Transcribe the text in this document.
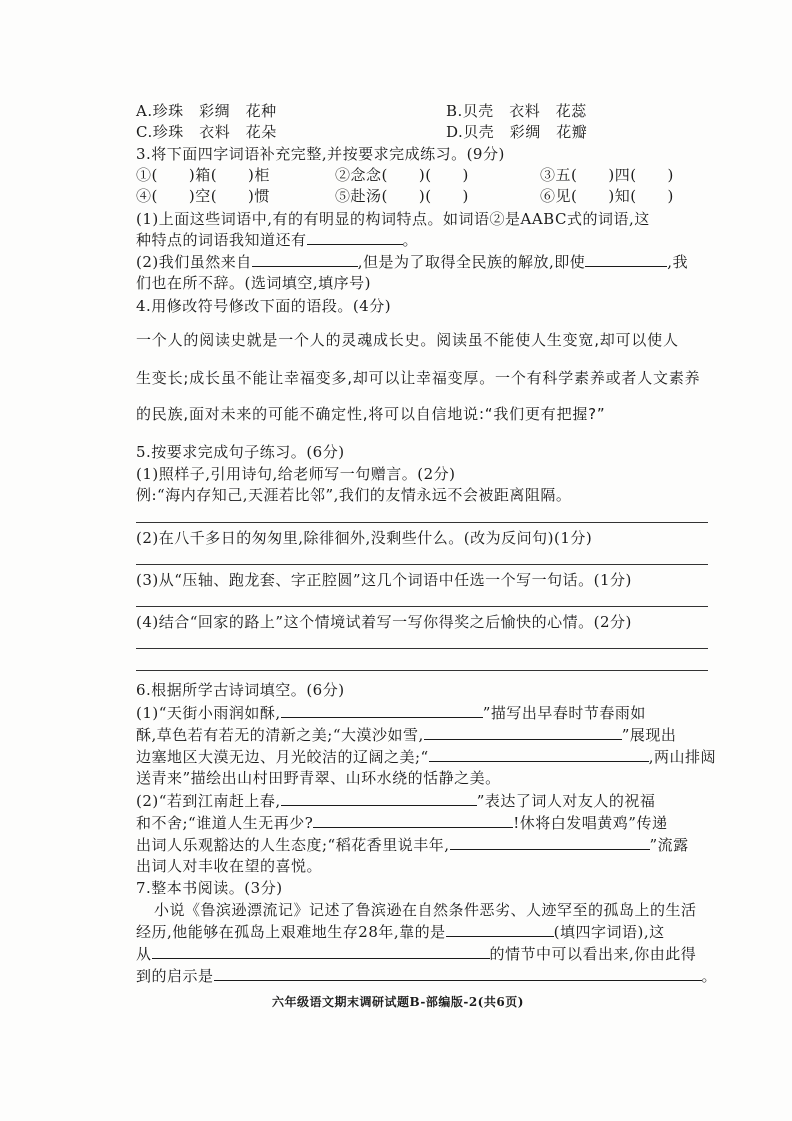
A.珍珠　彩绸　花种	B.贝壳　衣料　花蕊
C.珍珠　衣料　花朵	D.贝壳　彩绸　花瓣
3.将下面四字词语补充完整,并按要求完成练习。(9分)
①(　　)箱(　　)柜	②念念(　　)(　　)	③五(　　)四(　　)
④(　　)空(　　)惯	⑤赴汤(　　)(　　)	⑥见(　　)知(　　)
(1)上面这些词语中,有的有明显的构词特点。如词语②是AABC式的词语,这
种特点的词语我知道还有	。
(2)我们虽然来自	,但是为了取得全民族的解放,即使	,我
们也在所不辞。(选词填空,填序号)
4.用修改符号修改下面的语段。(4分)
一个人的阅读史就是一个人的灵魂成长史。阅读虽不能使人生变宽,却可以使人
生变长;成长虽不能让幸福变多,却可以让幸福变厚。一个有科学素养或者人文素养
的民族,面对未来的可能不确定性,将可以自信地说:“我们更有把握?”
5.按要求完成句子练习。(6分)
(1)照样子,引用诗句,给老师写一句赠言。(2分)
例:“海内存知己,天涯若比邻”,我们的友情永远不会被距离阻隔。
(2)在八千多日的匆匆里,除徘徊外,没剩些什么。(改为反问句)(1分)
(3)从“压轴、跑龙套、字正腔圆”这几个词语中任选一个写一句话。(1分)
(4)结合“回家的路上”这个情境试着写一写你得奖之后愉快的心情。(2分)
6.根据所学古诗词填空。(6分)
(1)“天街小雨润如酥,	”描写出早春时节春雨如
酥,草色若有若无的清新之美;“大漠沙如雪,	”展现出
边塞地区大漠无边、月光皎洁的辽阔之美;“	,两山排闼
送青来”描绘出山村田野青翠、山环水绕的恬静之美。
(2)“若到江南赶上春,	”表达了词人对友人的祝福
和不舍;“谁道人生无再少?	!休将白发唱黄鸡”传递
出词人乐观豁达的人生态度;“稻花香里说丰年,	”流露
出词人对丰收在望的喜悦。
7.整本书阅读。(3分)
小说《鲁滨逊漂流记》记述了鲁滨逊在自然条件恶劣、人迹罕至的孤岛上的生活
经历,他能够在孤岛上艰难地生存28年,靠的是	(填四字词语),这
从	的情节中可以看出来,你由此得
到的启示是	。
六年级语文期末调研试题B-部编版-2(共6页)
